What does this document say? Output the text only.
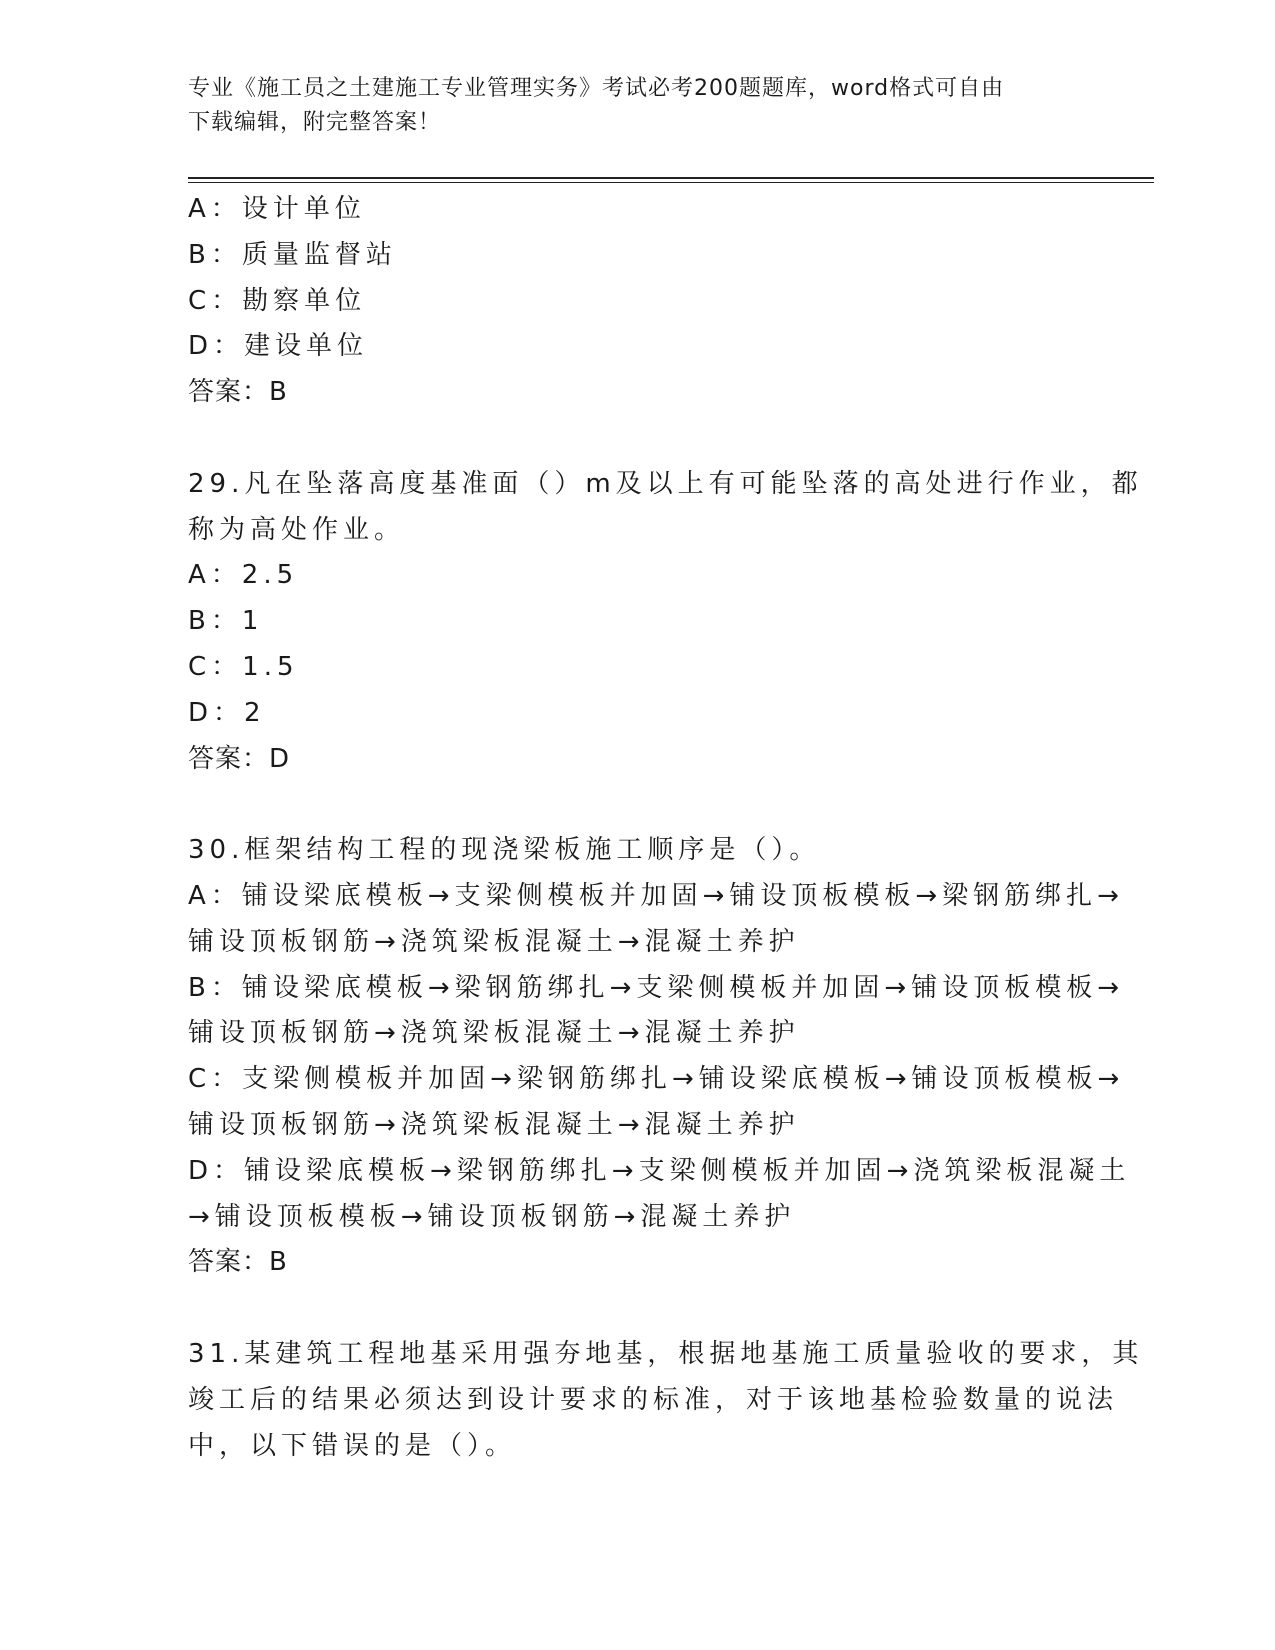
专业《施工员之土建施工专业管理实务》考试必考200题题库，word格式可自由
下载编辑，附完整答案！
A：设计单位
B：质量监督站
C：勘察单位
D：建设单位
答案：B
29.凡在坠落高度基准面（）m及以上有可能坠落的高处进行作业，都
称为高处作业。
A：2.5
B：1
C：1.5
D：2
答案：D
30.框架结构工程的现浇梁板施工顺序是（）。
A：铺设梁底模板→支梁侧模板并加固→铺设顶板模板→梁钢筋绑扎→
铺设顶板钢筋→浇筑梁板混凝土→混凝土养护
B：铺设梁底模板→梁钢筋绑扎→支梁侧模板并加固→铺设顶板模板→
铺设顶板钢筋→浇筑梁板混凝土→混凝土养护
C：支梁侧模板并加固→梁钢筋绑扎→铺设梁底模板→铺设顶板模板→
铺设顶板钢筋→浇筑梁板混凝土→混凝土养护
D：铺设梁底模板→梁钢筋绑扎→支梁侧模板并加固→浇筑梁板混凝土
→铺设顶板模板→铺设顶板钢筋→混凝土养护
答案：B
31.某建筑工程地基采用强夯地基，根据地基施工质量验收的要求，其
竣工后的结果必须达到设计要求的标准，对于该地基检验数量的说法
中，以下错误的是（）。
